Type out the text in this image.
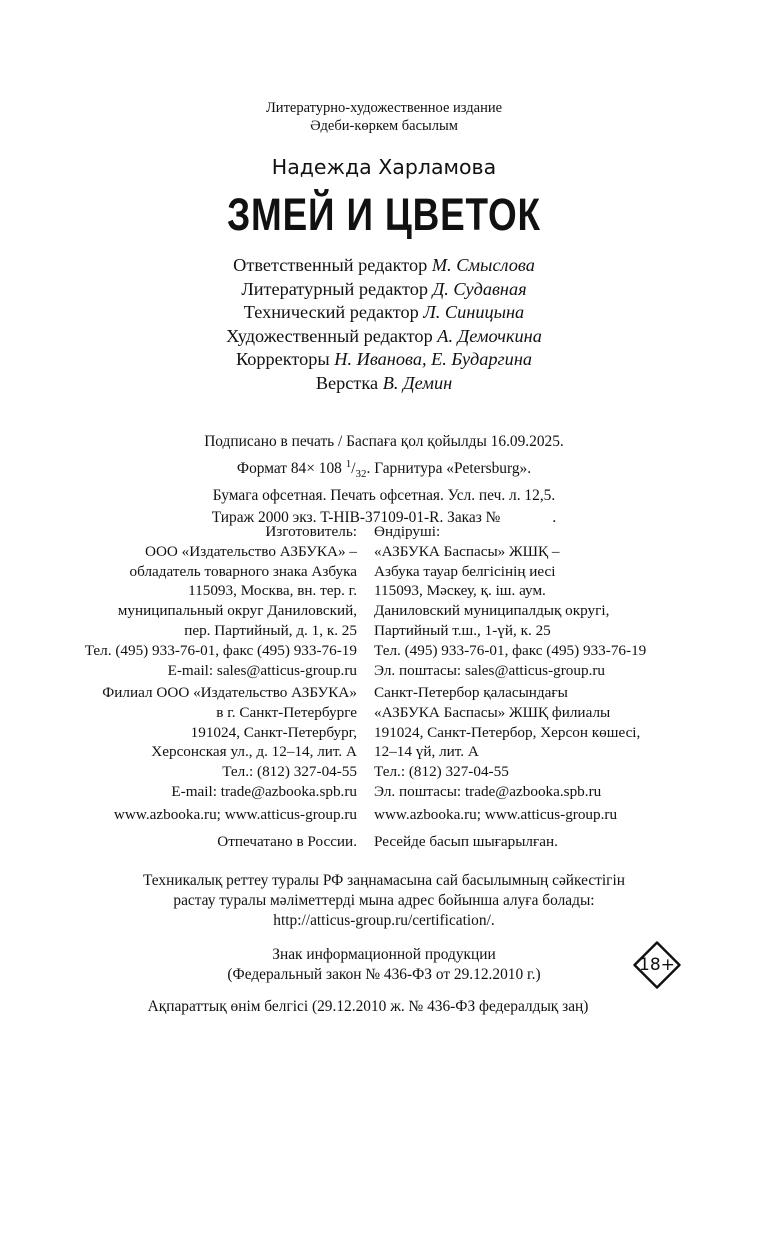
Литературно-художественное издание
Әдеби-көркем басылым
Надежда Харламова
ЗМЕЙ И ЦВЕТОК
Ответственный редактор М. Смыслова
Литературный редактор Д. Судавная
Технический редактор Л. Синицына
Художественный редактор А. Демочкина
Корректоры Н. Иванова, Е. Бударгина
Верстка В. Демин
Подписано в печать / Баспаға қол қойылды 16.09.2025.
Формат 84× 108 $^1/_{32}$. Гарнитура «Petersburg».
Бумага офсетная. Печать офсетная. Усл. печ. л. 12,5.
Тираж 2000 экз. T-HIB-37109-01-R. Заказ №	.
Изготовитель:
ООО «Издательство АЗБУКА» –
обладатель товарного знака Азбука
115093, Москва, вн. тер. г.
муниципальный округ Даниловский,
пер. Партийный, д. 1, к. 25
Тел. (495) 933-76-01, факс (495) 933-76-19
E-mail: sales@atticus-group.ru
Өндіруші:
«АЗБУКА Баспасы» ЖШҚ –
Азбука тауар белгісінің иесі
115093, Мәскеу, қ. іш. аум.
Даниловский муниципалдық округі,
Партийный т.ш., 1-үй, к. 25
Тел. (495) 933-76-01, факс (495) 933-76-19
Эл. поштасы: sales@atticus-group.ru
Филиал ООО «Издательство АЗБУКА»
в г. Санкт-Петербурге
191024, Санкт-Петербург,
Херсонская ул., д. 12–14, лит. А
Тел.: (812) 327-04-55
E-mail: trade@azbooka.spb.ru
Санкт-Петербор қаласындағы
«АЗБУКА Баспасы» ЖШҚ филиалы
191024, Санкт-Петербор, Херсон көшесі,
12–14 үй, лит. А
Тел.: (812) 327-04-55
Эл. поштасы: trade@azbooka.spb.ru
www.azbooka.ru; www.atticus-group.ru www.azbooka.ru; www.atticus-group.ru
Отпечатано в России. Ресейде басып шығарылған.
Техникалық реттеу туралы РФ заңнамасына сай басылымның сәйкестігін
растау туралы мәліметтерді мына адрес бойынша алуға болады:
http://atticus-group.ru/certification/.
Знак информационной продукции
(Федеральный закон № 436-ФЗ от 29.12.2010 г.)	18+
Ақпараттық өнім белгісі (29.12.2010 ж. № 436-ФЗ федералдық заң)
